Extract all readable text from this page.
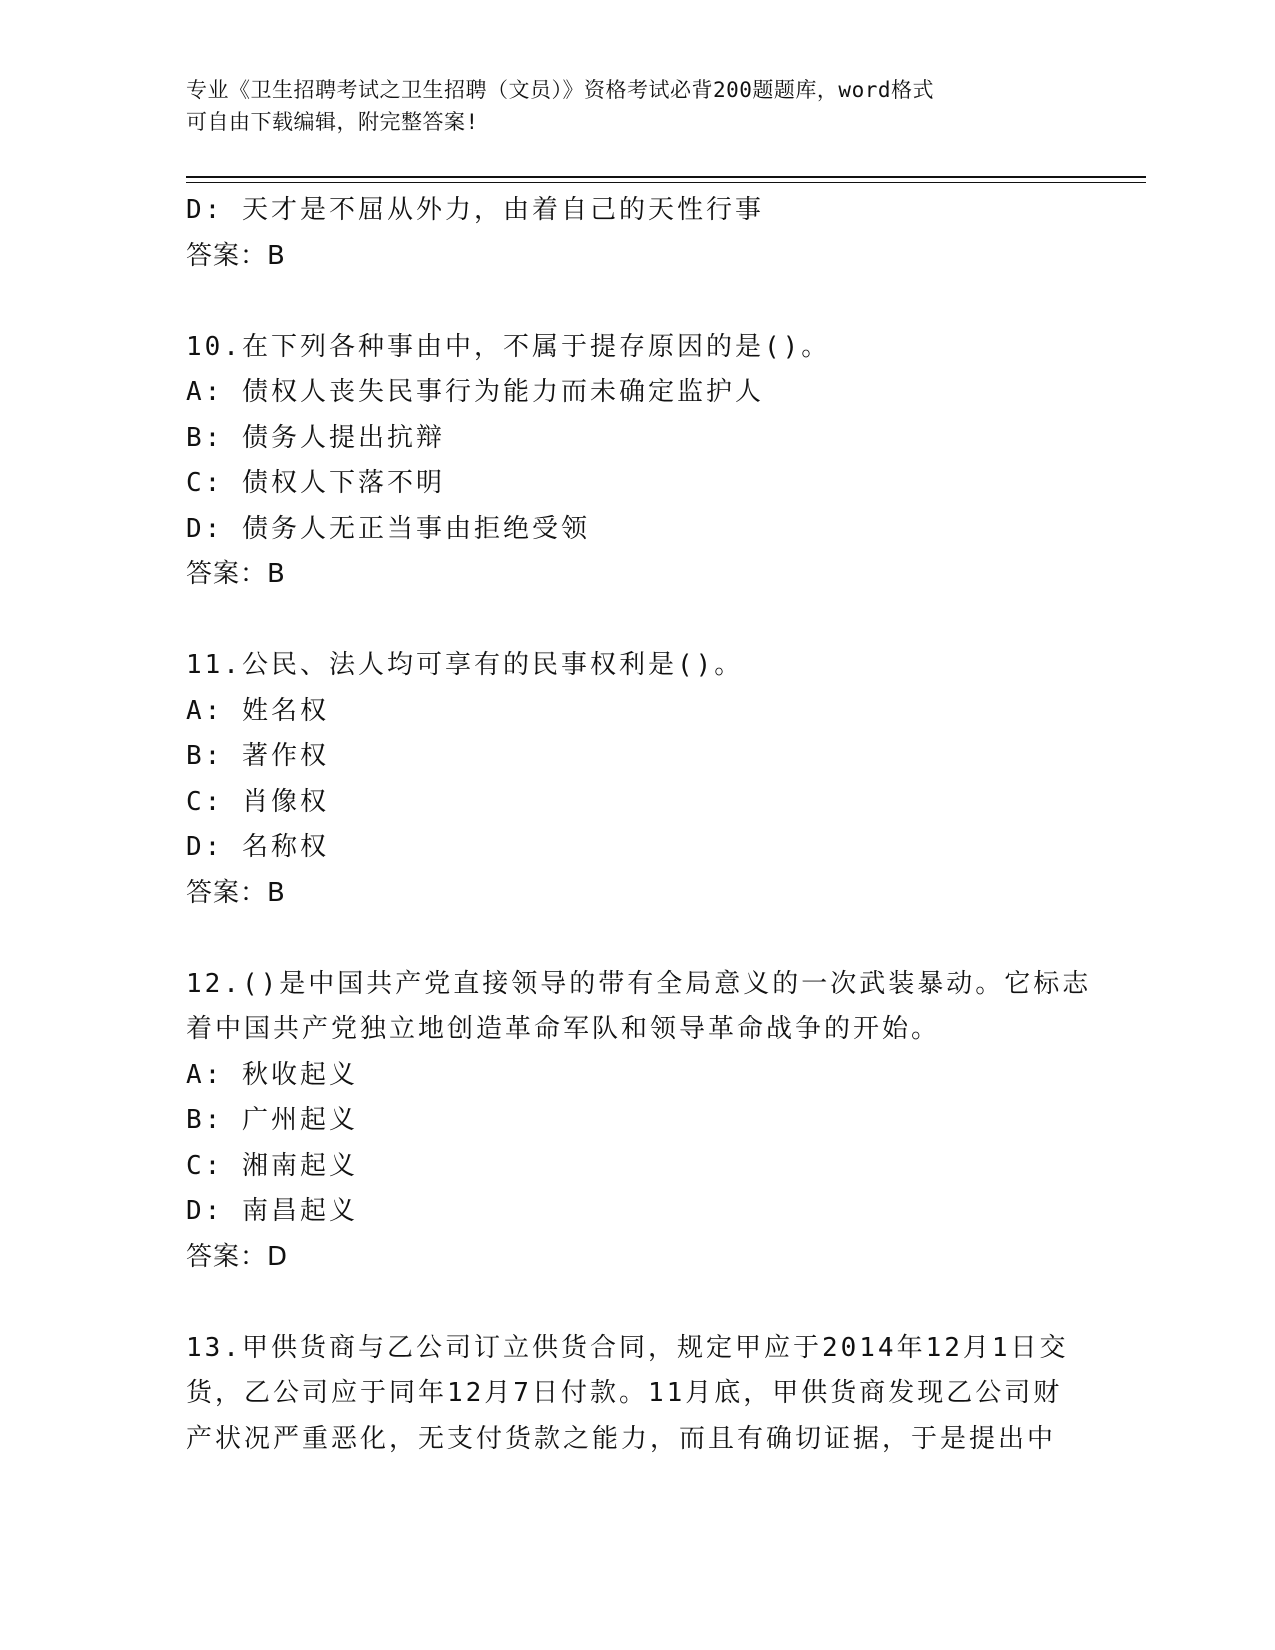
专业《卫生招聘考试之卫生招聘（文员）》资格考试必背200题题库，word格式
可自由下载编辑，附完整答案!
D: 天才是不屈从外力，由着自己的天性行事
答案：B
10.在下列各种事由中，不属于提存原因的是()。
A: 债权人丧失民事行为能力而未确定监护人
B: 债务人提出抗辩
C: 债权人下落不明
D: 债务人无正当事由拒绝受领
答案：B
11.公民、法人均可享有的民事权利是()。
A: 姓名权
B: 著作权
C: 肖像权
D: 名称权
答案：B
12.()是中国共产党直接领导的带有全局意义的一次武装暴动。它标志
着中国共产党独立地创造革命军队和领导革命战争的开始。
A: 秋收起义
B: 广州起义
C: 湘南起义
D: 南昌起义
答案：D
13.甲供货商与乙公司订立供货合同，规定甲应于2014年12月1日交
货，乙公司应于同年12月7日付款。11月底，甲供货商发现乙公司财
产状况严重恶化，无支付货款之能力，而且有确切证据，于是提出中
